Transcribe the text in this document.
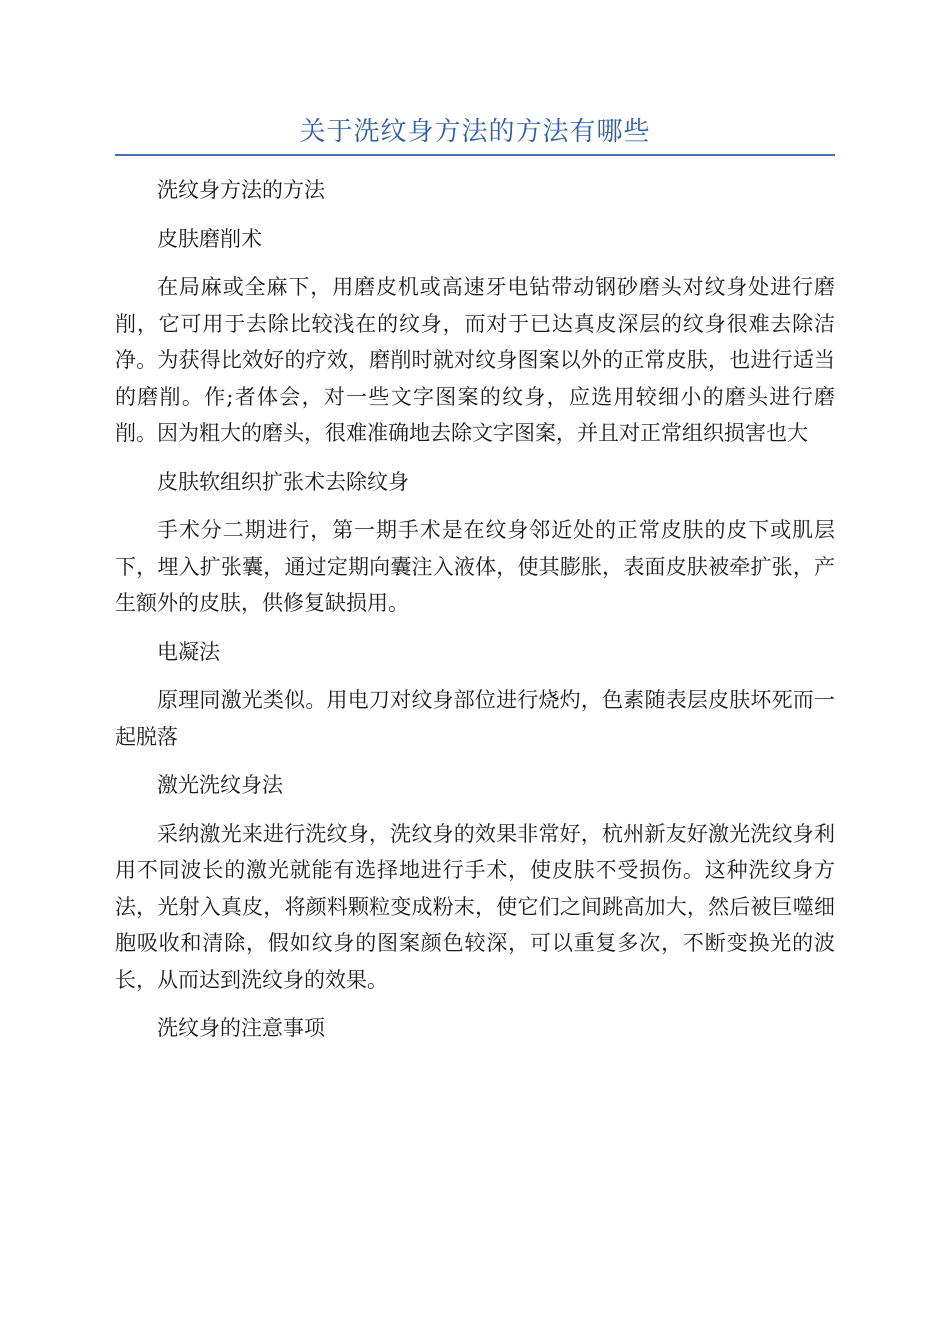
关于洗纹身方法的方法有哪些

洗纹身方法的方法

皮肤磨削术

在局麻或全麻下，用磨皮机或高速牙电钻带动钢砂磨头对纹身处进行磨削，它可用于去除比较浅在的纹身，而对于已达真皮深层的纹身很难去除洁净。为获得比效好的疗效，磨削时就对纹身图案以外的正常皮肤，也进行适当的磨削。作;者体会，对一些文字图案的纹身，应选用较细小的磨头进行磨削。因为粗大的磨头，很难准确地去除文字图案，并且对正常组织损害也大

皮肤软组织扩张术去除纹身

手术分二期进行，第一期手术是在纹身邻近处的正常皮肤的皮下或肌层下，埋入扩张囊，通过定期向囊注入液体，使其膨胀，表面皮肤被牵扩张，产生额外的皮肤，供修复缺损用。

电凝法

原理同激光类似。用电刀对纹身部位进行烧灼，色素随表层皮肤坏死而一起脱落

激光洗纹身法

采纳激光来进行洗纹身，洗纹身的效果非常好，杭州新友好激光洗纹身利用不同波长的激光就能有选择地进行手术，使皮肤不受损伤。这种洗纹身方法，光射入真皮，将颜料颗粒变成粉末，使它们之间跳高加大，然后被巨噬细胞吸收和清除，假如纹身的图案颜色较深，可以重复多次，不断变换光的波长，从而达到洗纹身的效果。

洗纹身的注意事项
